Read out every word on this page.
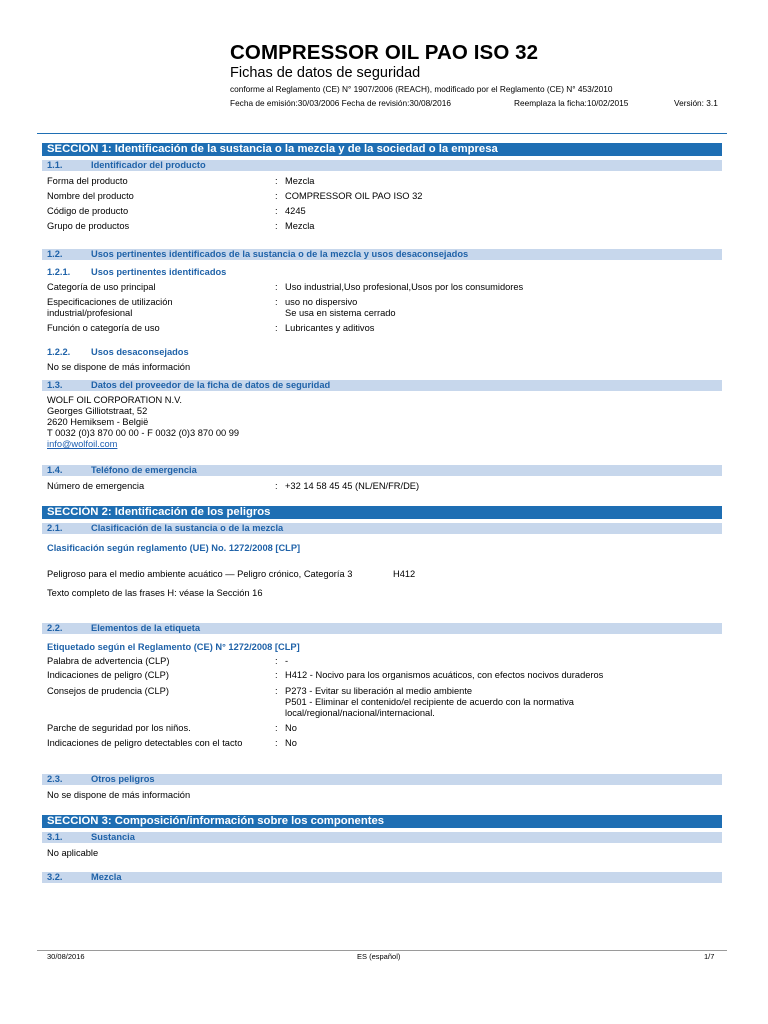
COMPRESSOR OIL PAO ISO 32
Fichas de datos de seguridad
conforme al Reglamento (CE) N° 1907/2006 (REACH), modificado por el Reglamento (CE) N° 453/2010
Fecha de emisión:30/03/2006 Fecha de revisión:30/08/2016	Reemplaza la ficha:10/02/2015	Versión: 3.1
SECCION 1: Identificación de la sustancia o la mezcla y de la sociedad o la empresa
1.1.	Identificador del producto
Forma del producto	: Mezcla
Nombre del producto	: COMPRESSOR OIL PAO ISO 32
Código de producto	: 4245
Grupo de productos	: Mezcla
1.2.	Usos pertinentes identificados de la sustancia o de la mezcla y usos desaconsejados
1.2.1. Usos pertinentes identificados
Categoría de uso principal	: Uso industrial,Uso profesional,Usos por los consumidores
Especificaciones de utilización
industrial/profesional
: uso no dispersivo
Se usa en sistema cerrado
Función o categoría de uso	: Lubricantes y aditivos
1.2.2. Usos desaconsejados
No se dispone de más información
1.3.	Datos del proveedor de la ficha de datos de seguridad
WOLF OIL CORPORATION N.V.
Georges Gilliotstraat, 52
2620 Hemiksem - België
T 0032 (0)3 870 00 00 - F 0032 (0)3 870 00 99
info@wolfoil.com
1.4.	Teléfono de emergencia
Número de emergencia	: +32 14 58 45 45 (NL/EN/FR/DE)
SECCIÓN 2: Identificación de los peligros
2.1.	Clasificación de la sustancia o de la mezcla
Clasificación según reglamento (UE) No. 1272/2008 [CLP]
Peligroso para el medio ambiente acuático — Peligro crónico, Categoría 3	H412
Texto completo de las frases H: véase la Sección 16
2.2.	Elementos de la etiqueta
Etiquetado según el Reglamento (CE) N° 1272/2008 [CLP]
Palabra de advertencia (CLP)	: -
Indicaciones de peligro (CLP)	: H412 - Nocivo para los organismos acuáticos, con efectos nocivos duraderos
Consejos de prudencia (CLP)	: P273 - Evitar su liberación al medio ambiente
P501 - Eliminar el contenido/el recipiente de acuerdo con la normativa
local/regional/nacional/internacional.
Parche de seguridad por los niños.	: No
Indicaciones de peligro detectables con el tacto	: No
2.3.	Otros peligros
No se dispone de más información
SECCION 3: Composición/información sobre los componentes
3.1.	Sustancia
No aplicable
3.2.	Mezcla
30/08/2016	ES (español)	1/7
